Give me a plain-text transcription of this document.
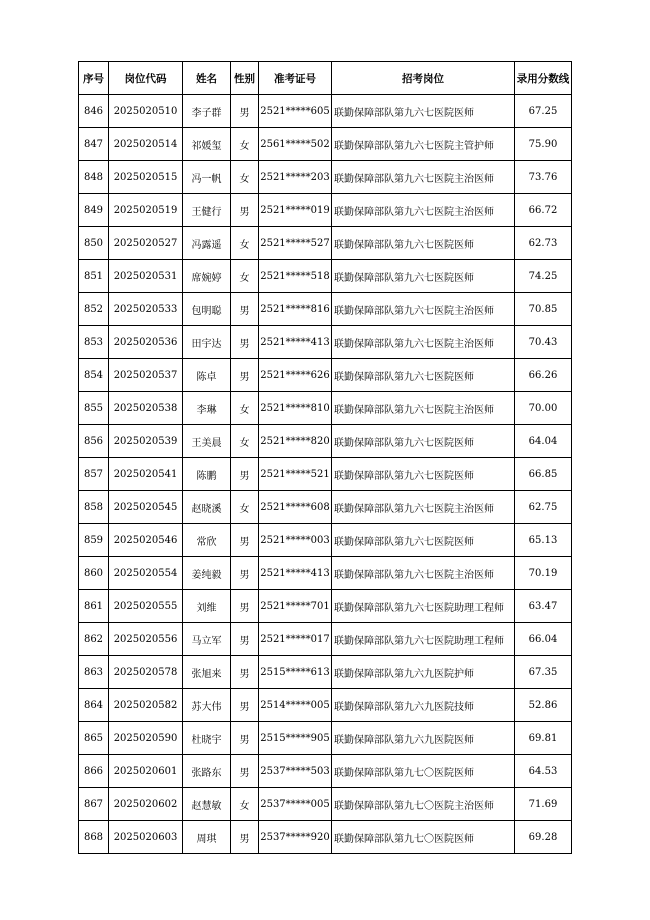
序号	岗位代码	姓名	性别	准考证号	招考岗位	录用分数线
846	2025020510	李子群	男	2521*****605	联勤保障部队第九六七医院医师	67.25
847	2025020514	祁媛玺	女	2561*****502	联勤保障部队第九六七医院主管护师	75.90
848	2025020515	冯一帆	女	2521*****203	联勤保障部队第九六七医院主治医师	73.76
849	2025020519	王健行	男	2521*****019	联勤保障部队第九六七医院主治医师	66.72
850	2025020527	冯露遥	女	2521*****527	联勤保障部队第九六七医院医师	62.73
851	2025020531	席婉婷	女	2521*****518	联勤保障部队第九六七医院医师	74.25
852	2025020533	包明聪	男	2521*****816	联勤保障部队第九六七医院主治医师	70.85
853	2025020536	田宇达	男	2521*****413	联勤保障部队第九六七医院主治医师	70.43
854	2025020537	陈卓	男	2521*****626	联勤保障部队第九六七医院医师	66.26
855	2025020538	李琳	女	2521*****810	联勤保障部队第九六七医院主治医师	70.00
856	2025020539	王美晨	女	2521*****820	联勤保障部队第九六七医院医师	64.04
857	2025020541	陈鹏	男	2521*****521	联勤保障部队第九六七医院医师	66.85
858	2025020545	赵晓溪	女	2521*****608	联勤保障部队第九六七医院主治医师	62.75
859	2025020546	常欣	男	2521*****003	联勤保障部队第九六七医院医师	65.13
860	2025020554	姜纯毅	男	2521*****413	联勤保障部队第九六七医院主治医师	70.19
861	2025020555	刘维	男	2521*****701	联勤保障部队第九六七医院助理工程师	63.47
862	2025020556	马立军	男	2521*****017	联勤保障部队第九六七医院助理工程师	66.04
863	2025020578	张旭来	男	2515*****613	联勤保障部队第九六九医院护师	67.35
864	2025020582	苏大伟	男	2514*****005	联勤保障部队第九六九医院技师	52.86
865	2025020590	杜晓宇	男	2515*****905	联勤保障部队第九六九医院医师	69.81
866	2025020601	张路东	男	2537*****503	联勤保障部队第九七〇医院医师	64.53
867	2025020602	赵慧敏	女	2537*****005	联勤保障部队第九七〇医院主治医师	71.69
868	2025020603	周琪	男	2537*****920	联勤保障部队第九七〇医院医师	69.28
